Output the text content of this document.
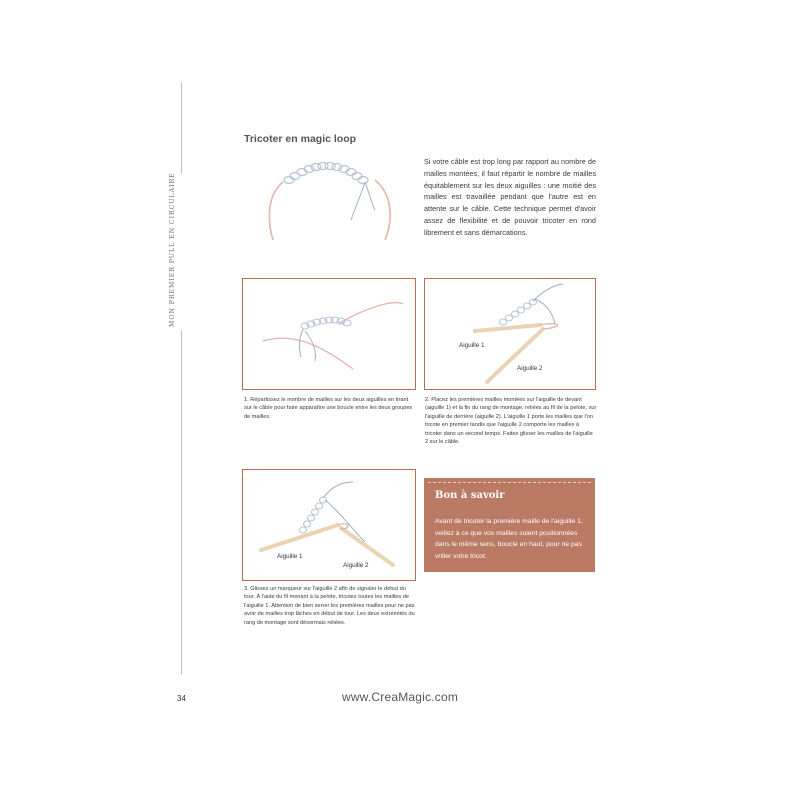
MON PREMIER PULL EN CIRCULAIRE
Tricoter en magic loop

Si votre câble est trop long par rapport au nombre de mailles montées, il faut répartir le nombre de mailles équitablement sur les deux aiguilles : une moitié des mailles est travaillée pendant que l'autre est en attente sur le câble. Cette technique permet d'avoir assez de flexibilité et de pouvoir tricoter en rond librement et sans démarcations.

1. Répartissez le nombre de mailles sur les deux aiguilles en tirant sur le câble pour faire apparaître une boucle entre les deux groupes de mailles.

Aiguille 1
Aiguille 2

2. Placez les premières mailles montées sur l'aiguille de devant (aiguille 1) et la fin du rang de montage, reliées au fil de la pelote, sur l'aiguille de derrière (aiguille 2). L'aiguille 1 porte les mailles que l'on tricote en premier tandis que l'aiguille 2 comporte les mailles à tricoter dans un second temps. Faites glisser les mailles de l'aiguille 2 sur le câble.

Aiguille 1
Aiguille 2

3. Glissez un marqueur sur l'aiguille 2 afin de signaler le début du tour. À l'aide du fil menant à la pelote, tricotez toutes les mailles de l'aiguille 1. Attention de bien serrer les premières mailles pour ne pas avoir de mailles trop lâches en début de tour. Les deux extrémités du rang de montage sont désormais reliées.

Bon à savoir

Avant de tricoter la première maille de l'aiguille 1, veillez à ce que vos mailles soient positionnées dans le même sens, boucle en haut, pour ne pas vriller votre tricot.

34	www.CreaMagic.com
